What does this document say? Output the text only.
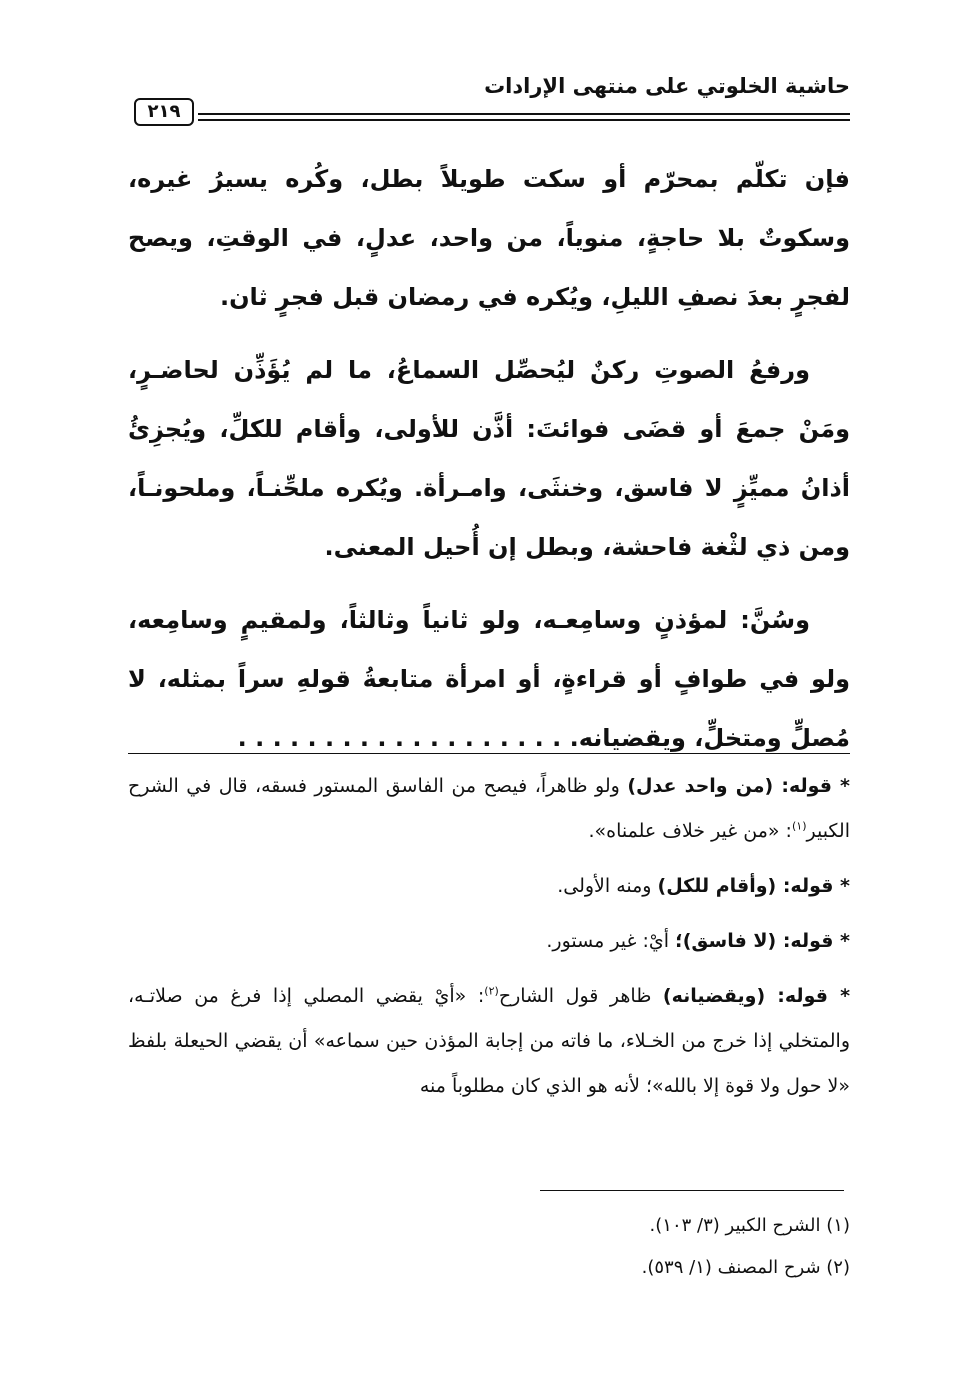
حاشية الخلوتي على منتهى الإرادات
٢١٩

فإن تكلّم بمحرّم أو سكت طويلاً بطل، وكُره يسيرُ غيره، وسكوتٌ بلا حاجةٍ، منوياً، من واحد، عدلٍ، في الوقتِ، ويصح لفجرٍ بعدَ نصفِ الليلِ، ويُكره في رمضان قبل فجرٍ ثان.

ورفعُ الصوتِ ركنٌ ليُحصِّل السماعُ، ما لم يُؤَذِّن لحاضـرٍ، ومَنْ جمعَ أو قضَى فوائتَ: أذَّن للأولى، وأقام للكلِّ، ويُجزِئُ أذانُ مميِّزٍ لا فاسق، وخنثَى، وامـرأة. ويُكره ملحِّنـاً، وملحونـاً، ومن ذي لثْغة فاحشة، وبطل إن أُحيل المعنى.

وسُنَّ: لمؤذنٍ وسامِعـه، ولو ثانياً وثالثاً، ولمقيمٍ وسامِعه، ولو في طوافٍ أو قراءةٍ، أو امرأة متابعةُ قولهِ سراً بمثله، لا مُصلٍّ ومتخلٍّ، ويقضيانه. . . . . . . . . . . . . . . . . . . .

* قوله: (من واحد عدل) ولو ظاهراً، فيصح من الفاسق المستور فسقه، قال في الشرح الكبير$^{(١)}$: «من غير خلاف علمناه».

* قوله: (وأقام للكل) ومنه الأولى.

* قوله: (لا فاسق)؛ أيْ: غير مستور.

* قوله: (ويقضيانه) ظاهر قول الشارح$^{(٢)}$: «أيْ يقضي المصلي إذا فرغ من صلاتـه، والمتخلي إذا خرج من الخـلاء، ما فاته من إجابة المؤذن حين سماعه» أن يقضي الحيعلة بلفظ «لا حول ولا قوة إلا بالله»؛ لأنه هو الذي كان مطلوباً منه

(١) الشرح الكبير (٣/ ١٠٣).

(٢) شرح المصنف (١/ ٥٣٩).
